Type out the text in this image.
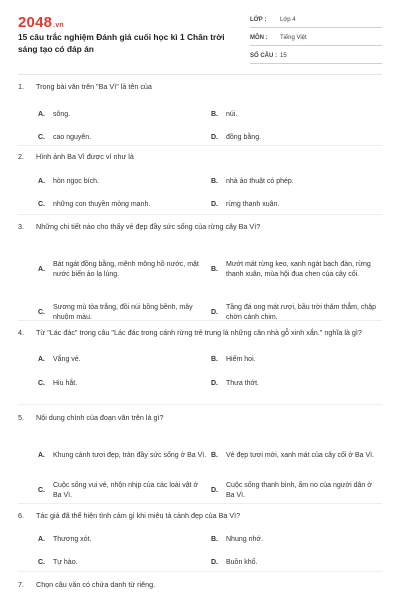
2048.vn
15 câu trắc nghiệm Đánh giá cuối học kì 1 Chân trời sáng tạo có đáp án
LỚP :	Lớp 4
MÔN :	Tiếng Việt
SỐ CÂU : 15
1.	Trong bài văn trên "Ba Vì" là tên của
A.	sông.	B.	núi.
C.	cao nguyên.	D.	đồng bằng.
2.	Hình ảnh Ba Vì được ví như là
A.	hòn ngọc bích.	B.	nhà ảo thuật có phép.
C.	những con thuyền mỏng manh.	D.	rừng thanh xuân.
3.	Những chi tiết nào cho thấy vẻ đẹp đầy sức sống của rừng cây Ba Vì?
A.
Bát ngát đồng bằng, mênh mông hồ nước, mặt nước biến ảo lạ lùng.
B.
Mướt mát rừng keo, xanh ngát bạch đàn, rừng thanh xuân, mùa hội đua chen của cây cối.
C.
Sương mù tỏa trắng, đồi núi bồng bềnh, mây nhuộm màu.
D.
Tầng đá ong mát rượi, bầu trời thăm thẳm, chập chờn cánh chim.
4.	Từ "Lác đác" trong câu "Lác đác trong cánh rừng trẻ trung là những căn nhà gỗ xinh xắn." nghĩa là gì?
A.	Vắng vẻ.	B.	Hiếm hoi.
C.	Hiu hắt.	D.	Thưa thớt.
5.	Nội dung chính của đoạn văn trên là gì?
A.	Khung cảnh tươi đẹp, tràn đầy sức sống ở Ba Vì. B.	Vẻ đẹp tươi mới, xanh mát của cây cối ở Ba Vì.
C.
Cuộc sống vui vẻ, nhộn nhịp của các loài vật ở Ba Vì.
D.
Cuộc sống thanh bình, ấm no của người dân ở Ba Vì.
6.	Tác giả đã thể hiện tình cảm gì khi miêu tả cảnh đẹp của Ba Vì?
A.	Thương xót.	B.	Nhung nhớ.
C.	Tự hào.	D.	Buồn khổ.
7.	Chọn câu văn có chứa danh từ riêng.
